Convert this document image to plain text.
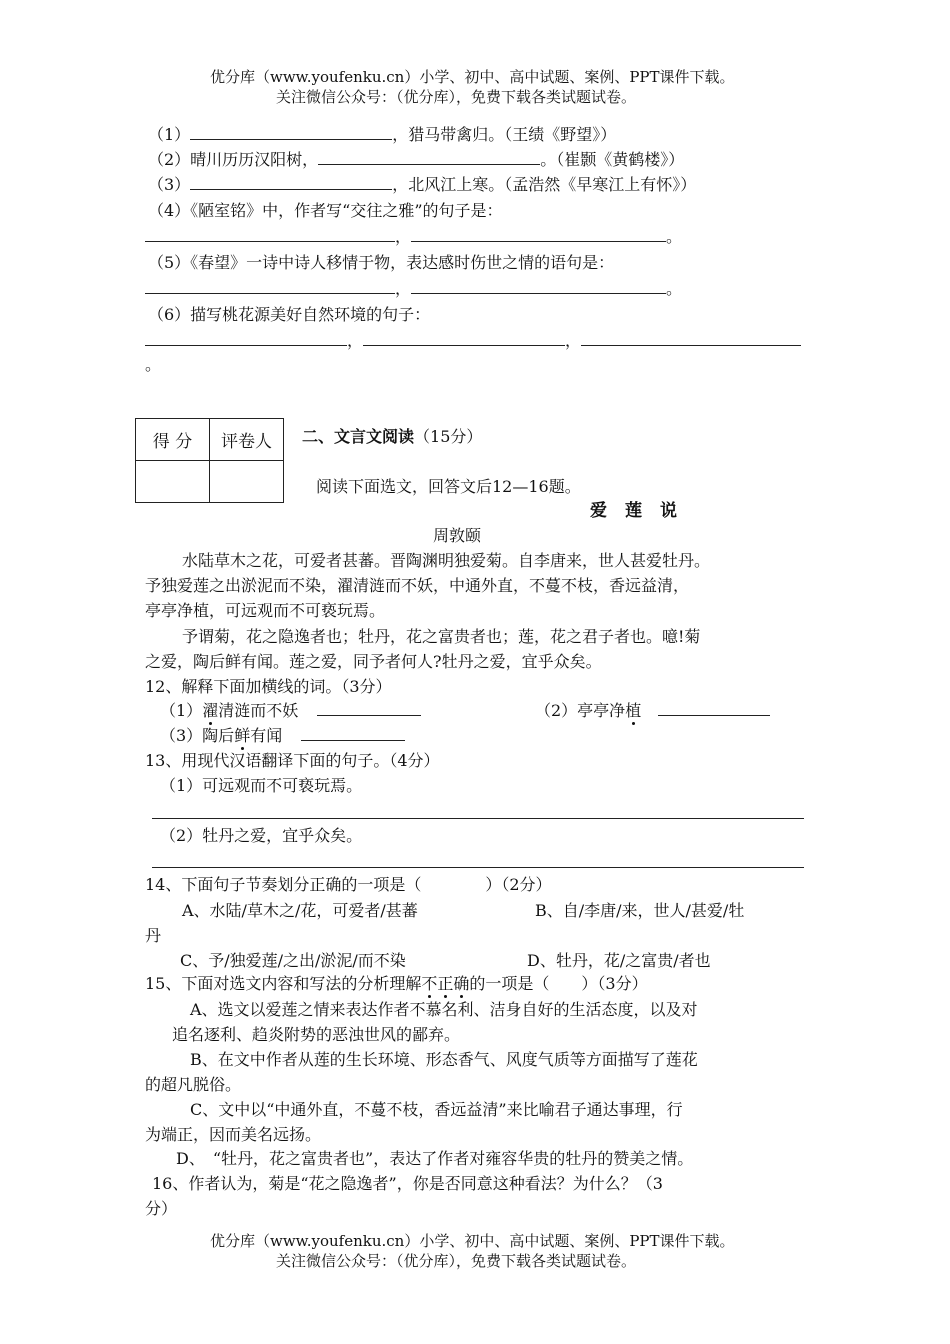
优分库（www.youfenku.cn）小学、初中、高中试题、案例、PPT课件下载。
关注微信公众号：（优分库），免费下载各类试题试卷。
（1）	，猎马带禽归。（王绩《野望》）
（2）晴川历历汉阳树，	。（崔颢《黄鹤楼》）
（3）	，北风江上寒。（孟浩然《早寒江上有怀》）
（4）《陋室铭》中，作者写“交往之雅”的句子是：
，	。
（5）《春望》一诗中诗人移情于物，表达感时伤世之情的语句是：
，	。
（6）描写桃花源美好自然环境的句子：
，	，
。
得 分	评卷人
	二、文言文阅读（15分）
阅读下面选文，回答文后12—16题。
爱莲说
周敦颐
水陆草木之花，可爱者甚蕃。晋陶渊明独爱菊。自李唐来，世人甚爱牡丹。
予独爱莲之出淤泥而不染，濯清涟而不妖，中通外直，不蔓不枝，香远益清，
亭亭净植，可远观而不可亵玩焉。
予谓菊，花之隐逸者也；牡丹，花之富贵者也；莲，花之君子者也。噫!菊
之爱，陶后鲜有闻。莲之爱，同予者何人?牡丹之爱，宜乎众矣。
12、解释下面加横线的词。（3分）
（1）濯清涟而不妖	（2）亭亭净植
（3）陶后鲜有闻
13、用现代汉语翻译下面的句子。（4分）
（1）可远观而不可亵玩焉。
（2）牡丹之爱，宜乎众矣。
14、下面句子节奏划分正确的一项是（　　　　）（2分）
A、水陆/草木之/花，可爱者/甚蕃	B、自/李唐/来，世人/甚爱/牡
丹
C、予/独爱莲/之出/淤泥/而不染	D、牡丹，花/之富贵/者也
15、下面对选文内容和写法的分析理解不正确的一项是（　　）（3分）
A、选文以爱莲之情来表达作者不慕名利、洁身自好的生活态度，以及对
追名逐利、趋炎附势的恶浊世风的鄙弃。
B、在文中作者从莲的生长环境、形态香气、风度气质等方面描写了莲花
的超凡脱俗。
C、文中以“中通外直，不蔓不枝，香远益清”来比喻君子通达事理，行
为端正，因而美名远扬。
D、　“牡丹，花之富贵者也”，表达了作者对雍容华贵的牡丹的赞美之情。
16、作者认为，菊是“花之隐逸者”，你是否同意这种看法？为什么？（3
分）
优分库（www.youfenku.cn）小学、初中、高中试题、案例、PPT课件下载。
关注微信公众号：（优分库），免费下载各类试题试卷。
